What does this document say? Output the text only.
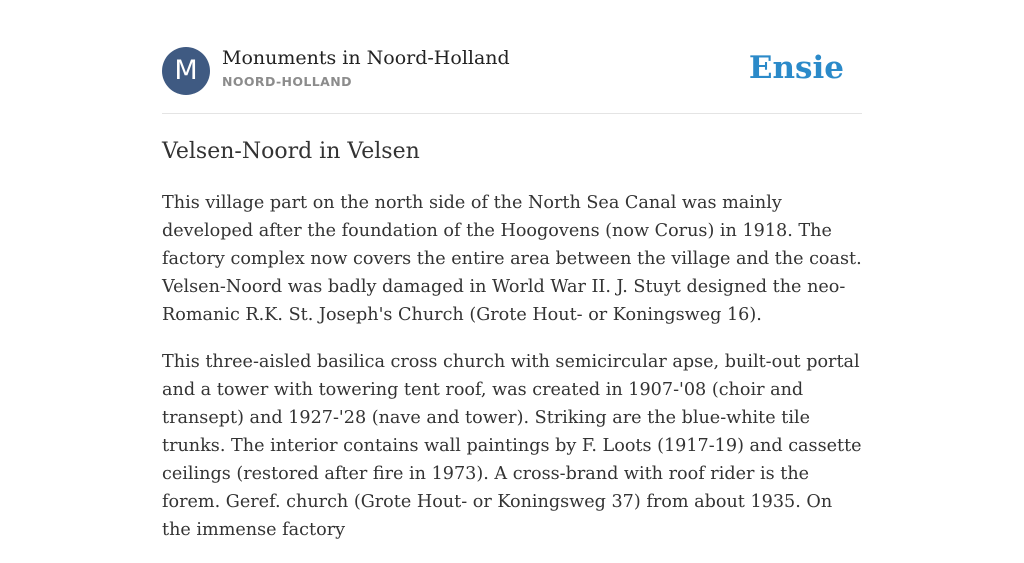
M	Monuments in Noord-Holland
NOORD-HOLLAND	Ensie
Velsen-Noord in Velsen

This village part on the north side of the North Sea Canal was mainly developed after the foundation of the Hoogovens (now Corus) in 1918. The factory complex now covers the entire area between the village and the coast. Velsen-Noord was badly damaged in World War II. J. Stuyt designed the neo-Romanic R.K. St. Joseph's Church (Grote Hout- or Koningsweg 16).

This three-aisled basilica cross church with semicircular apse, built-out portal and a tower with towering tent roof, was created in 1907-'08 (choir and transept) and 1927-'28 (nave and tower). Striking are the blue-white tile trunks. The interior contains wall paintings by F. Loots (1917-19) and cassette ceilings (restored after fire in 1973). A cross-brand with roof rider is the forem. Geref. church (Grote Hout- or Koningsweg 37) from about 1935. On the immense factory
